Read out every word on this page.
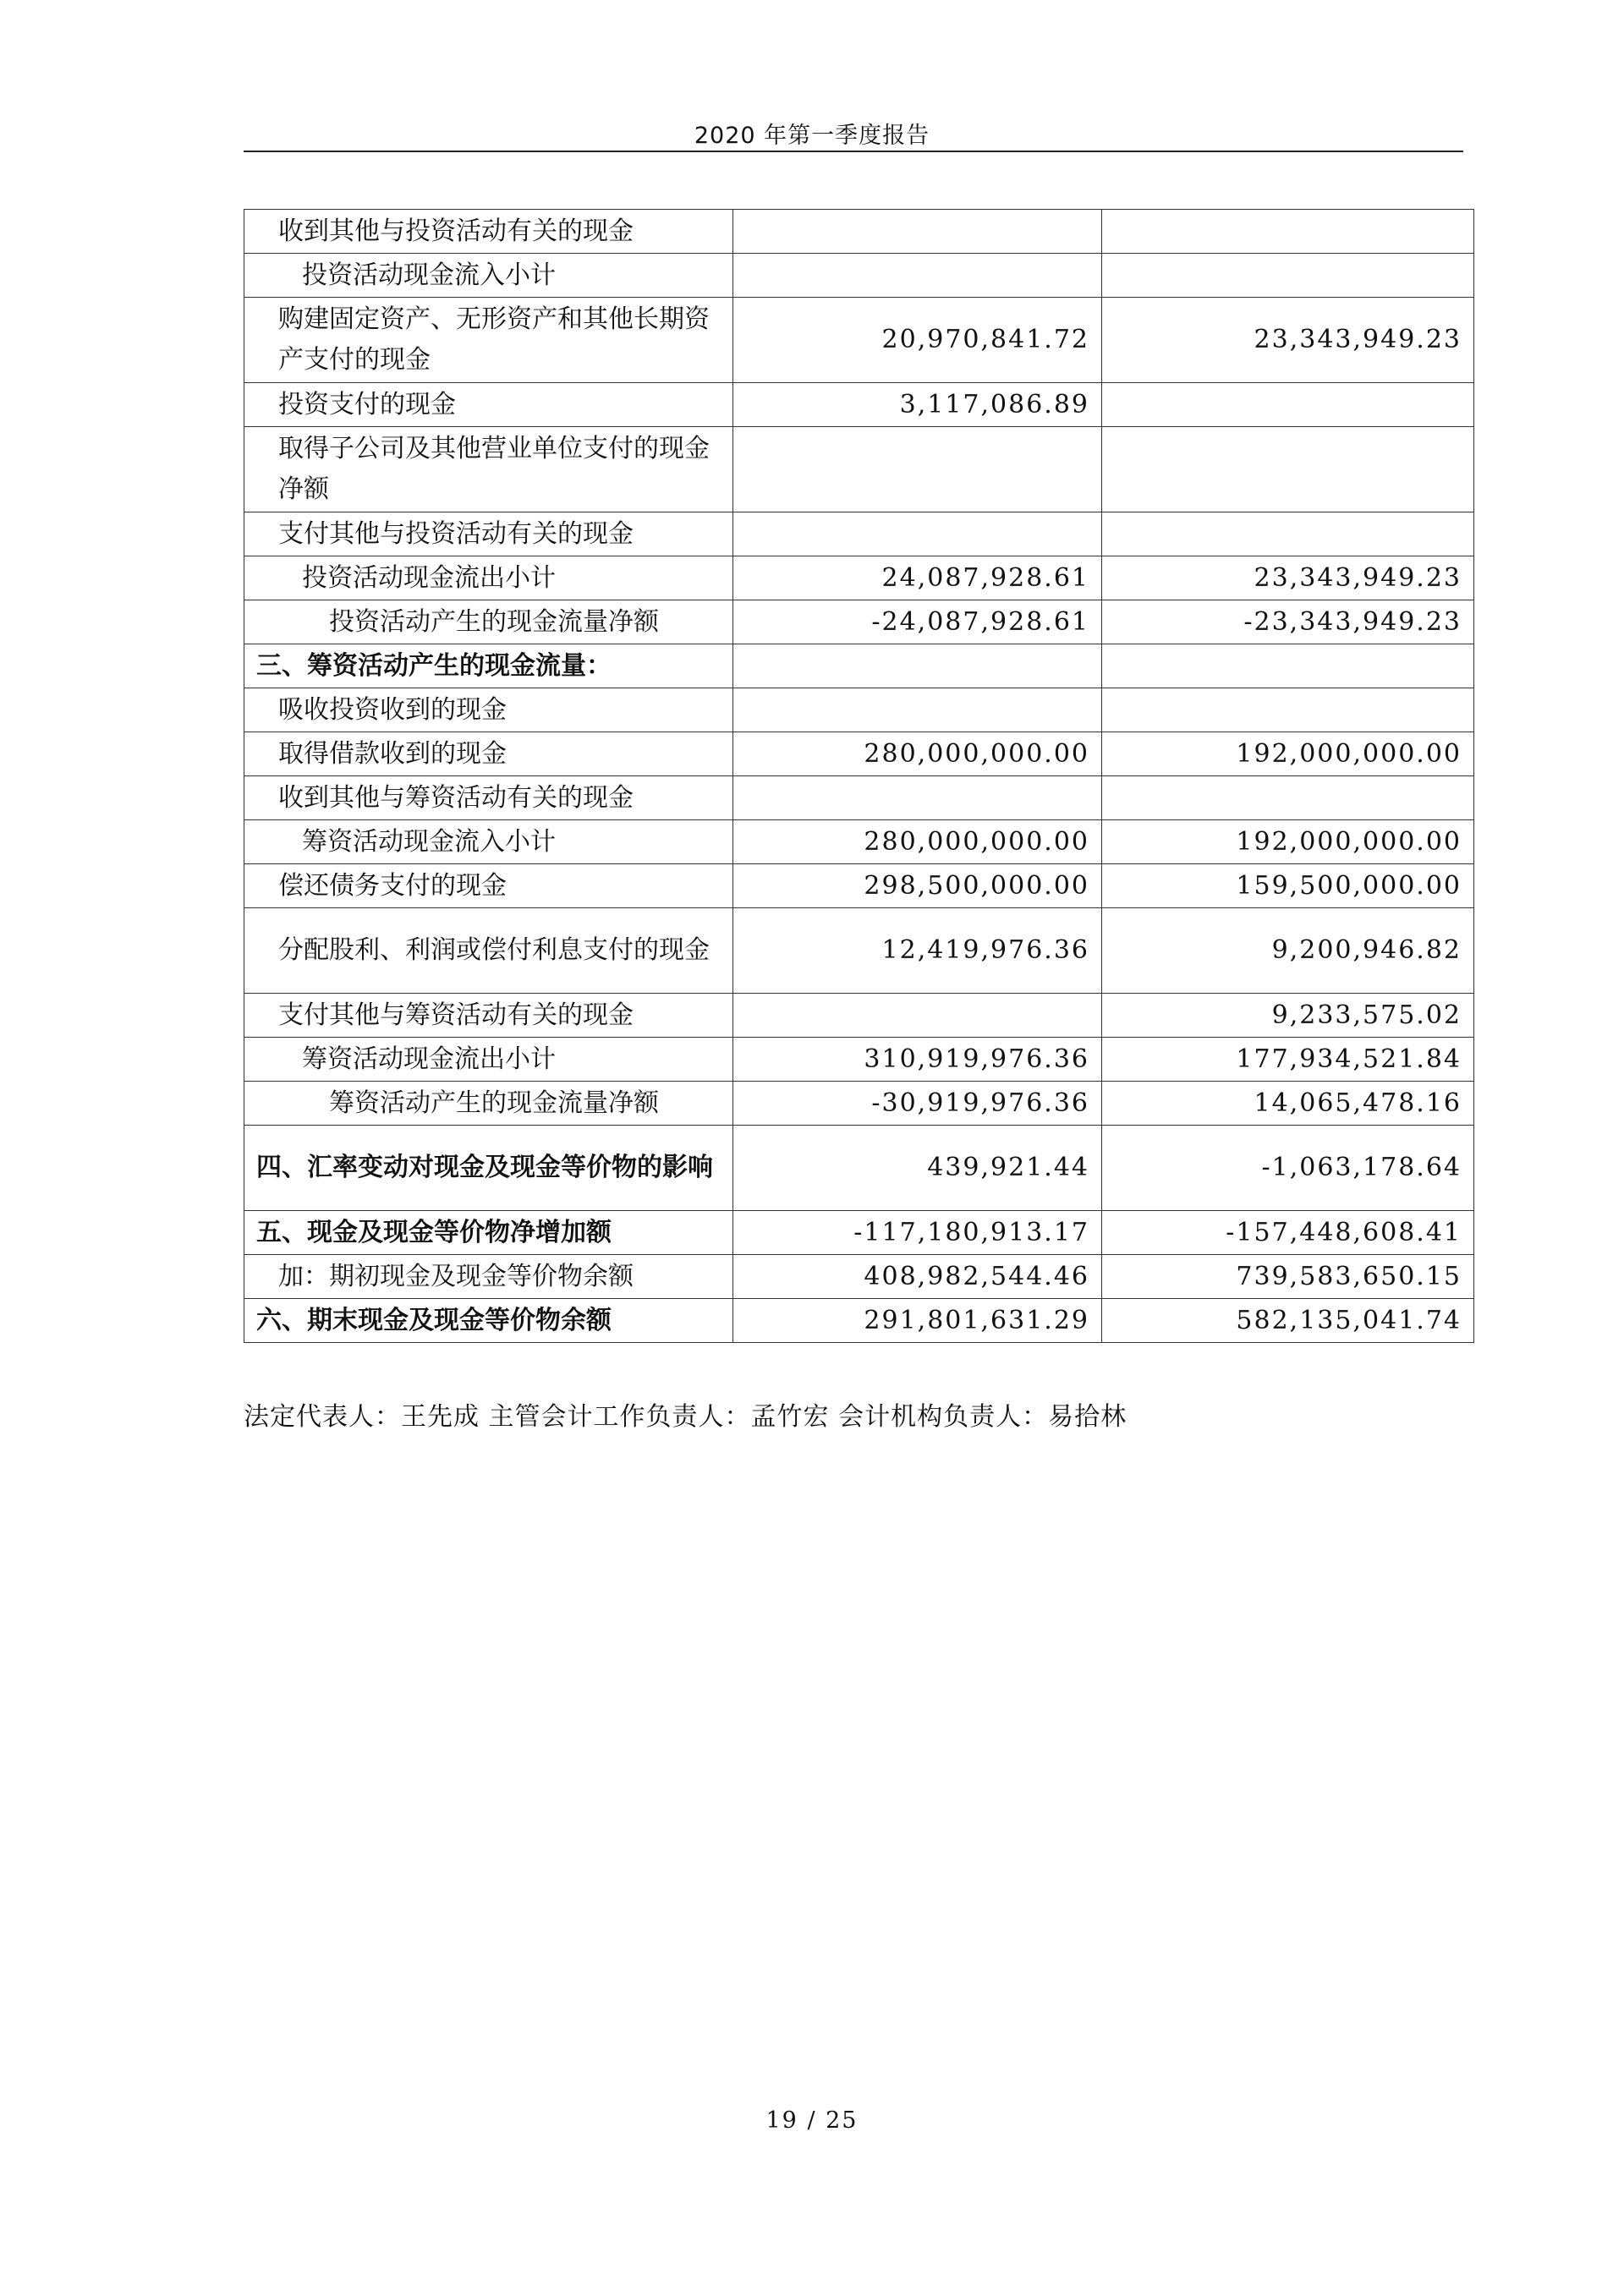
2020 年第一季度报告
收到其他与投资活动有关的现金		
投资活动现金流入小计		
购建固定资产、无形资产和其他长期资产支付的现金	20,970,841.72	23,343,949.23
投资支付的现金	3,117,086.89	
取得子公司及其他营业单位支付的现金净额		
支付其他与投资活动有关的现金		
投资活动现金流出小计	24,087,928.61	23,343,949.23
投资活动产生的现金流量净额	-24,087,928.61	-23,343,949.23
三、筹资活动产生的现金流量：		
吸收投资收到的现金		
取得借款收到的现金	280,000,000.00	192,000,000.00
收到其他与筹资活动有关的现金		
筹资活动现金流入小计	280,000,000.00	192,000,000.00
偿还债务支付的现金	298,500,000.00	159,500,000.00
分配股利、利润或偿付利息支付的现金	12,419,976.36	9,200,946.82
支付其他与筹资活动有关的现金		9,233,575.02
筹资活动现金流出小计	310,919,976.36	177,934,521.84
筹资活动产生的现金流量净额	-30,919,976.36	14,065,478.16
四、汇率变动对现金及现金等价物的影响	439,921.44	-1,063,178.64
五、现金及现金等价物净增加额	-117,180,913.17	-157,448,608.41
加：期初现金及现金等价物余额	408,982,544.46	739,583,650.15
六、期末现金及现金等价物余额	291,801,631.29	582,135,041.74
法定代表人：王先成 主管会计工作负责人：孟竹宏 会计机构负责人：易拾林
19 / 25
